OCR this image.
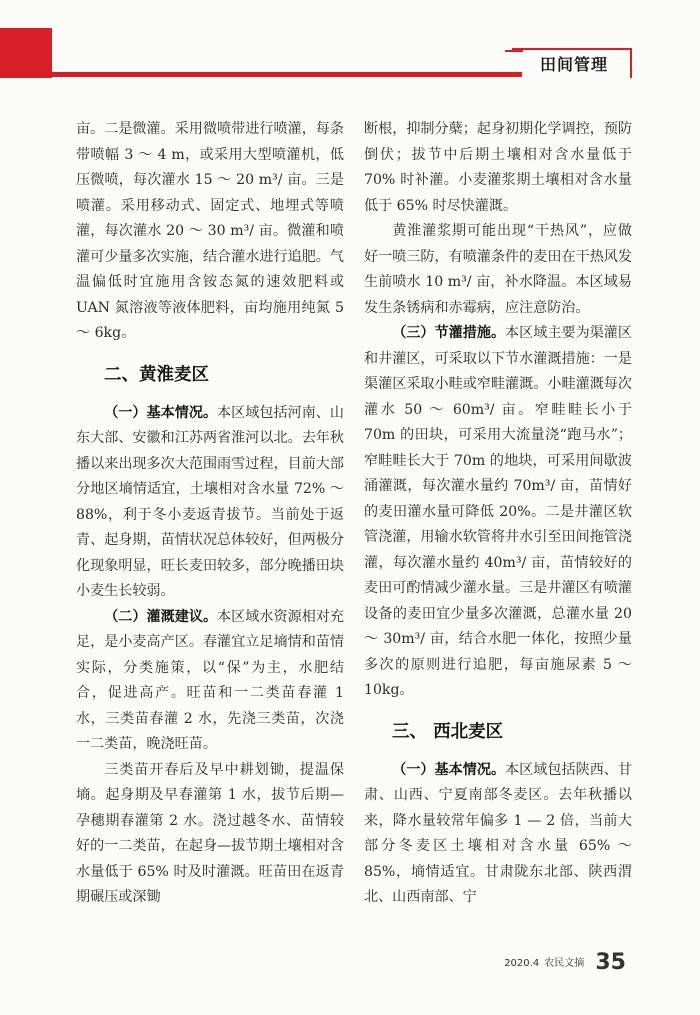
田间管理

亩。二是微灌。采用微喷带进行喷灌，每条带喷幅 3 ～ 4 m，或采用大型喷灌机，低压微喷，每次灌水 15 ～ 20 m³/ 亩。三是喷灌。采用移动式、固定式、地埋式等喷灌，每次灌水 20 ～ 30 m³/ 亩。微灌和喷灌可少量多次实施，结合灌水进行追肥。气温偏低时宜施用含铵态氮的速效肥料或 UAN 氮溶液等液体肥料，亩均施用纯氮 5 ～ 6kg。

二、黄淮麦区

（一）基本情况。本区域包括河南、山东大部、安徽和江苏两省淮河以北。去年秋播以来出现多次大范围雨雪过程，目前大部分地区墒情适宜，土壤相对含水量 72% ～ 88%，利于冬小麦返青拔节。当前处于返青、起身期，苗情状况总体较好，但两极分化现象明显，旺长麦田较多，部分晚播田块小麦生长较弱。

（二）灌溉建议。本区域水资源相对充足，是小麦高产区。春灌宜立足墒情和苗情实际，分类施策，以“保”为主，水肥结合，促进高产。旺苗和一二类苗春灌 1 水，三类苗春灌 2 水，先浇三类苗，次浇一二类苗，晚浇旺苗。

三类苗开春后及早中耕划锄，提温保墒。起身期及早春灌第 1 水，拔节后期—孕穗期春灌第 2 水。浇过越冬水、苗情较好的一二类苗，在起身—拔节期土壤相对含水量低于 65% 时及时灌溉。旺苗田在返青期碾压或深锄

断根，抑制分蘖；起身初期化学调控，预防倒伏；拔节中后期土壤相对含水量低于 70% 时补灌。小麦灌浆期土壤相对含水量低于 65% 时尽快灌溉。

黄淮灌浆期可能出现“干热风”，应做好一喷三防，有喷灌条件的麦田在干热风发生前喷水 10 m³/ 亩，补水降温。本区域易发生条锈病和赤霉病，应注意防治。

（三）节灌措施。本区域主要为渠灌区和井灌区，可采取以下节水灌溉措施：一是渠灌区采取小畦或窄畦灌溉。小畦灌溉每次灌水 50 ～ 60m³/ 亩。窄畦畦长小于 70m 的田块，可采用大流量浇“跑马水”；窄畦畦长大于 70m 的地块，可采用间歇波涌灌溉，每次灌水量约 70m³/ 亩，苗情好的麦田灌水量可降低 20%。二是井灌区软管浇灌，用输水软管将井水引至田间拖管浇灌，每次灌水量约 40m³/ 亩，苗情较好的麦田可酌情减少灌水量。三是井灌区有喷灌设备的麦田宜少量多次灌溉，总灌水量 20 ～ 30m³/ 亩，结合水肥一体化，按照少量多次的原则进行追肥，每亩施尿素 5 ～ 10kg。

三、 西北麦区

（一）基本情况。本区域包括陕西、甘肃、山西、宁夏南部冬麦区。去年秋播以来，降水量较常年偏多 1 — 2 倍，当前大部分冬麦区土壤相对含水量 65% ～ 85%，墒情适宜。甘肃陇东北部、陕西渭北、山西南部、宁

2020.4 农民文摘 35
